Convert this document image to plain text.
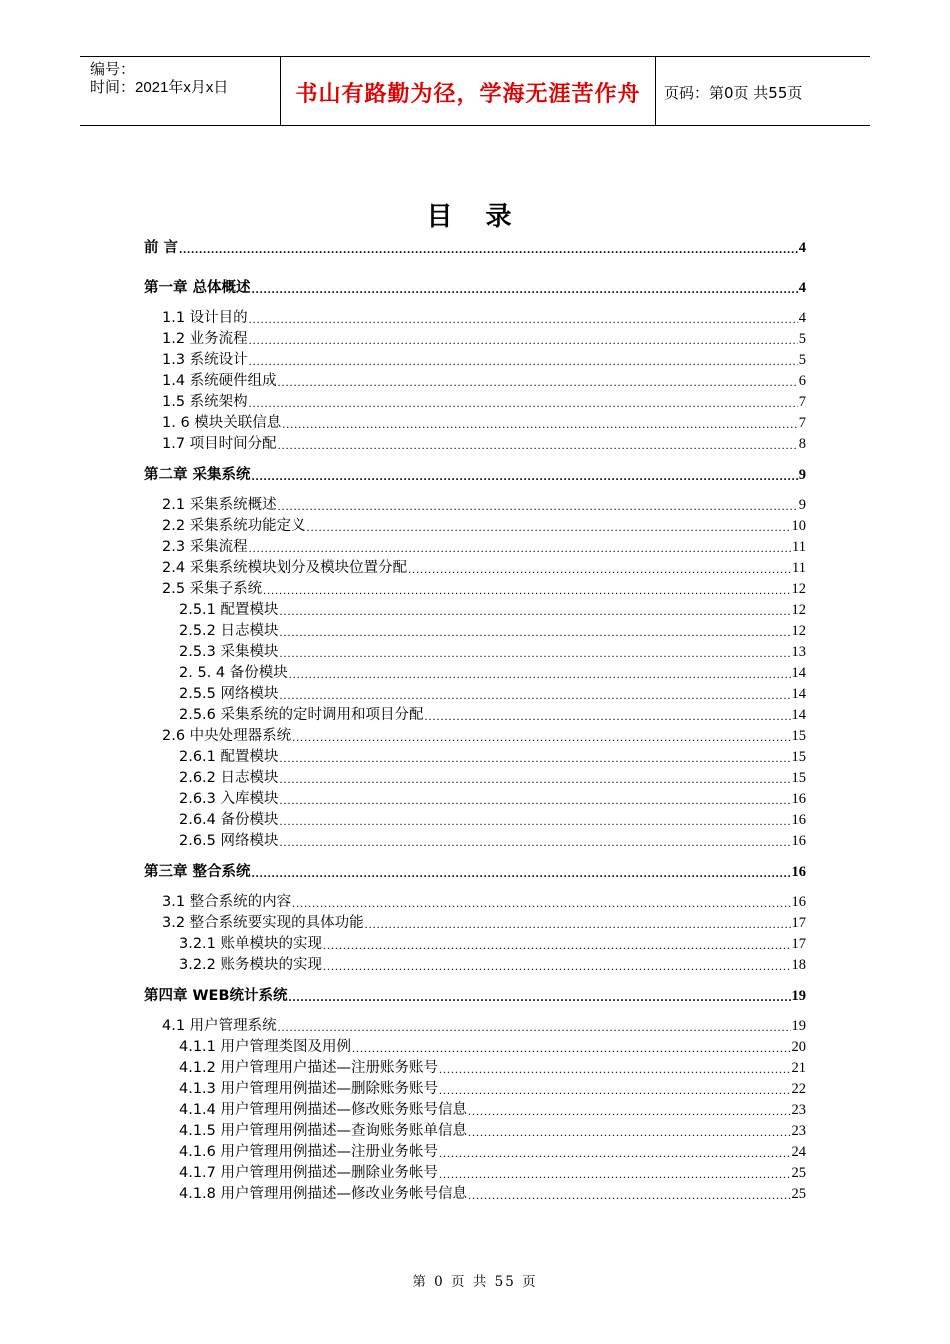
编号：
时间：2021年x月x日	书山有路勤为径，学海无涯苦作舟	页码：第0页 共55页
目 录
前 言 .....	4
第一章 总体概述 .....	4
1.1 设计目的 .....	4
1.2 业务流程 .....	5
1.3 系统设计 .....	5
1.4 系统硬件组成 .....	6
1.5 系统架构 .....	7
1. 6 模块关联信息 .....	7
1.7 项目时间分配 .....	8
第二章 采集系统 .....	9
2.1 采集系统概述 .....	9
2.2 采集系统功能定义 .....	10
2.3 采集流程 .....	11
2.4 采集系统模块划分及模块位置分配 .....	11
2.5 采集子系统 .....	12
2.5.1 配置模块 .....	12
2.5.2 日志模块 .....	12
2.5.3 采集模块 .....	13
2. 5. 4 备份模块 .....	14
2.5.5 网络模块 .....	14
2.5.6 采集系统的定时调用和项目分配 .....	14
2.6 中央处理器系统 .....	15
2.6.1 配置模块 .....	15
2.6.2 日志模块 .....	15
2.6.3 入库模块 .....	16
2.6.4 备份模块 .....	16
2.6.5 网络模块 .....	16
第三章 整合系统 .....	16
3.1 整合系统的内容 .....	16
3.2 整合系统要实现的具体功能 .....	17
3.2.1 账单模块的实现 .....	17
3.2.2 账务模块的实现 .....	18
第四章 WEB统计系统 .....	19
4.1 用户管理系统 .....	19
4.1.1 用户管理类图及用例 .....	20
4.1.2 用户管理用户描述—注册账务账号 .....	21
4.1.3 用户管理用例描述—删除账务账号 .....	22
4.1.4 用户管理用例描述—修改账务账号信息 .....	23
4.1.5 用户管理用例描述—查询账务账单信息 .....	23
4.1.6 用户管理用例描述—注册业务帐号 .....	24
4.1.7 用户管理用例描述—删除业务帐号 .....	25
4.1.8 用户管理用例描述—修改业务帐号信息 .....	25
第 0 页 共 55 页
